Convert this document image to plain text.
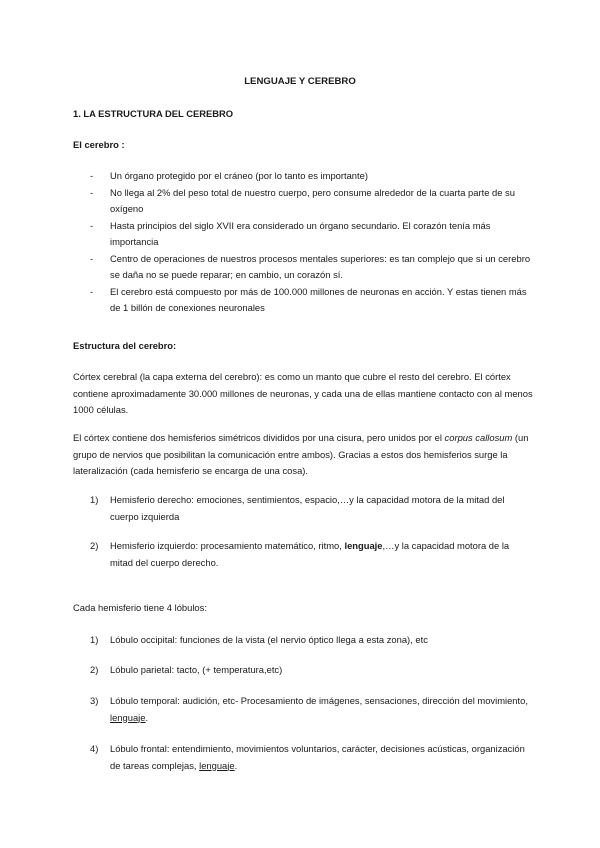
LENGUAJE Y CEREBRO
1. LA ESTRUCTURA DEL CEREBRO
El cerebro :
- Un órgano protegido por el cráneo (por lo tanto es importante)
- No llega al 2% del peso total de nuestro cuerpo, pero consume alrededor de la cuarta parte de su oxígeno
- Hasta principios del siglo XVII era considerado un órgano secundario. El corazón tenía más importancia
- Centro de operaciones de nuestros procesos mentales superiores: es tan complejo que si un cerebro se daña no se puede reparar; en cambio, un corazón sí.
- El cerebro está compuesto por más de 100.000 millones de neuronas en acción. Y estas tienen más de 1 billón de conexiones neuronales
Estructura del cerebro:

Córtex cerebral (la capa externa del cerebro): es como un manto que cubre el resto del cerebro. El córtex contiene aproximadamente 30.000 millones de neuronas, y cada una de ellas mantiene contacto con al menos 1000 células.

El córtex contiene dos hemisferios simétricos divididos por una cisura, pero unidos por el corpus callosum (un grupo de nervios que posibilitan la comunicación entre ambos). Gracias a estos dos hemisferios surge la lateralización (cada hemisferio se encarga de una cosa).

1) Hemisferio derecho: emociones, sentimientos, espacio,…y la capacidad motora de la mitad del cuerpo izquierda
2) Hemisferio izquierdo: procesamiento matemático, ritmo, lenguaje,…y la capacidad motora de la mitad del cuerpo derecho.
Cada hemisferio tiene 4 lóbulos:
1) Lóbulo occipital: funciones de la vista (el nervio óptico llega a esta zona), etc
2) Lóbulo parietal: tacto, (+ temperatura,etc)
3) Lóbulo temporal: audición, etc- Procesamiento de imágenes, sensaciones, dirección del movimiento, lenguaje.
4) Lóbulo frontal: entendimiento, movimientos voluntarios, carácter, decisiones acústicas, organización de tareas complejas, lenguaje.
